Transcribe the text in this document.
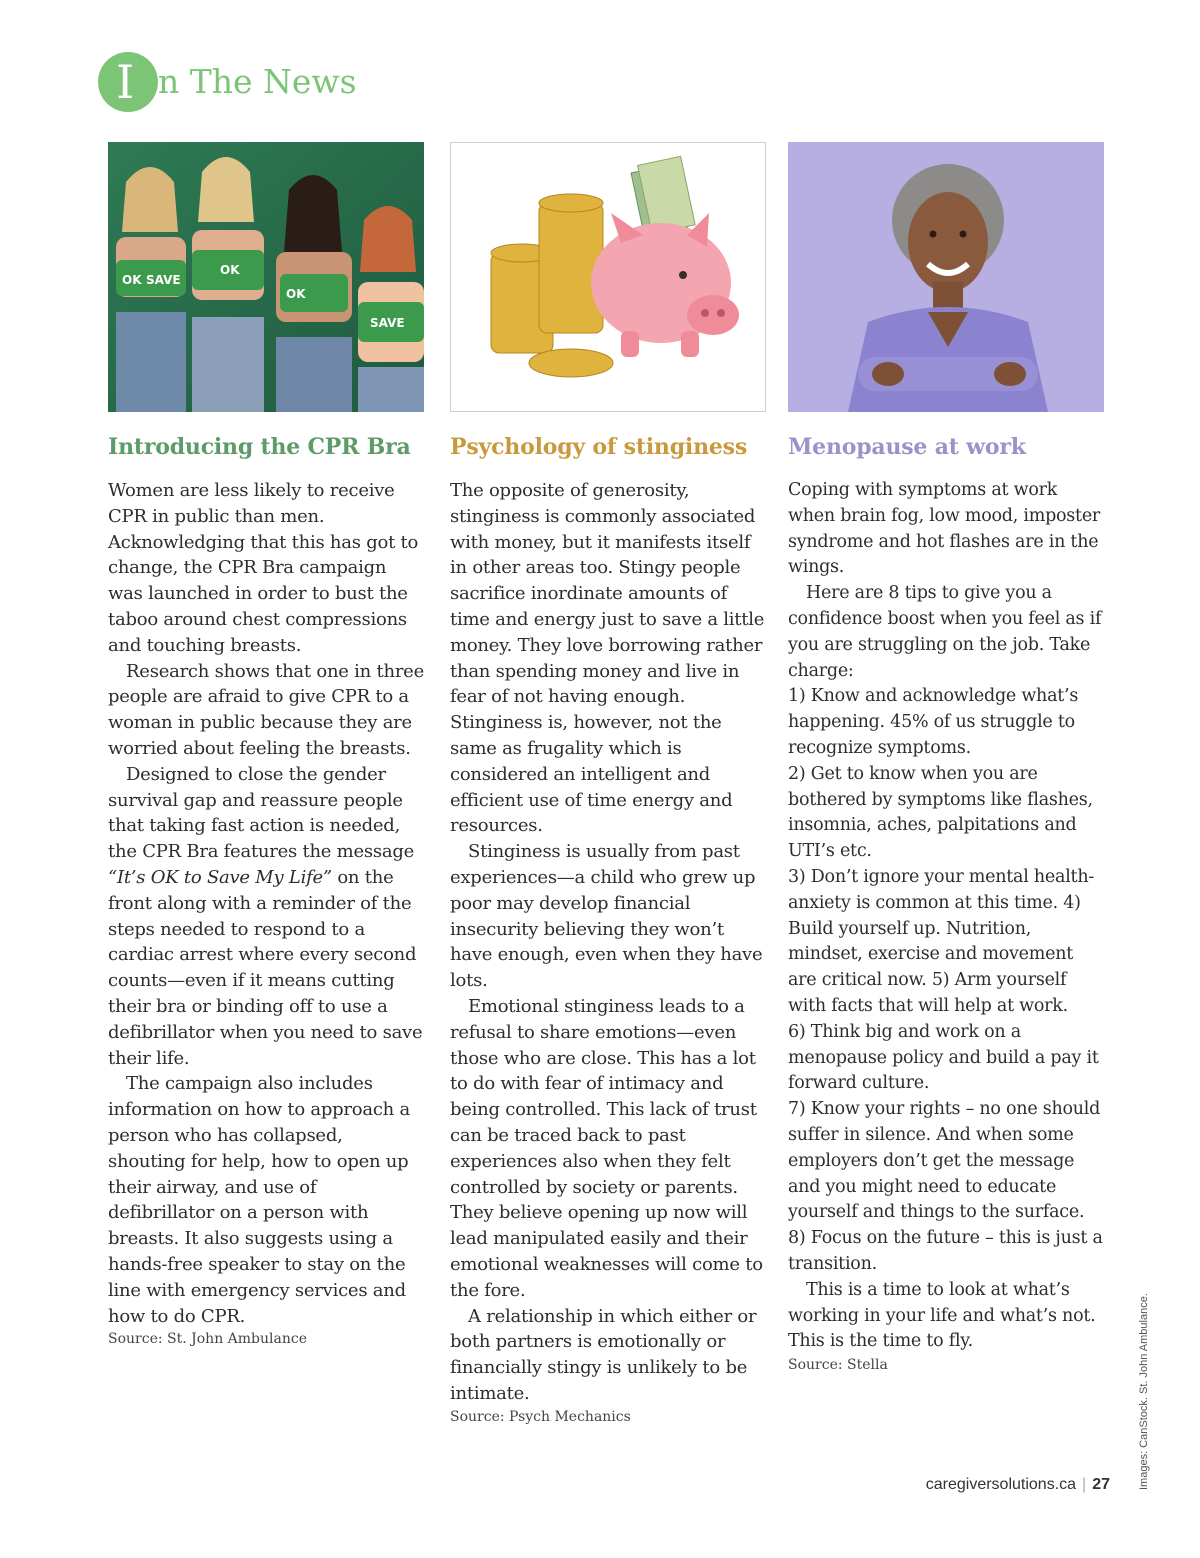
I n The News
OK SAVE
OK
OK
SAVE
Introducing the CPR Bra

Women are less likely to receive CPR in public than men. Acknowledging that this has got to change, the CPR Bra campaign was launched in order to bust the taboo around chest compressions and touching breasts.

Research shows that one in three people are afraid to give CPR to a woman in public because they are worried about feeling the breasts.

Designed to close the gender survival gap and reassure people that taking fast action is needed, the CPR Bra features the message “It’s OK to Save My Life” on the front along with a reminder of the steps needed to respond to a cardiac arrest where every second counts—even if it means cutting their bra or binding off to use a defibrillator when you need to save their life.

The campaign also includes information on how to approach a person who has collapsed, shouting for help, how to open up their airway, and use of defibrillator on a person with breasts. It also suggests using a hands-free speaker to stay on the line with emergency services and how to do CPR.

Source: St. John Ambulance
Psychology of stinginess

The opposite of generosity, stinginess is commonly associated with money, but it manifests itself in other areas too. Stingy people sacrifice inordinate amounts of time and energy just to save a little money. They love borrowing rather than spending money and live in fear of not having enough. Stinginess is, however, not the same as frugality which is considered an intelligent and efficient use of time energy and resources.

Stinginess is usually from past experiences—a child who grew up poor may develop financial insecurity believing they won’t have enough, even when they have lots.

Emotional stinginess leads to a refusal to share emotions—even those who are close. This has a lot to do with fear of intimacy and being controlled. This lack of trust can be traced back to past experiences also when they felt controlled by society or parents. They believe opening up now will lead manipulated easily and their emotional weaknesses will come to the fore.

A relationship in which either or both partners is emotionally or financially stingy is unlikely to be intimate.

Source: Psych Mechanics
Menopause at work

Coping with symptoms at work when brain fog, low mood, imposter syndrome and hot flashes are in the wings.

Here are 8 tips to give you a confidence boost when you feel as if you are struggling on the job. Take charge:

1) Know and acknowledge what’s happening. 45% of us struggle to recognize symptoms.

2) Get to know when you are bothered by symptoms like flashes, insomnia, aches, palpitations and UTI’s etc.

3) Don’t ignore your mental health- anxiety is common at this time. 4) Build yourself up. Nutrition, mindset, exercise and movement are critical now. 5) Arm yourself with facts that will help at work.

6) Think big and work on a menopause policy and build a pay it forward culture.

7) Know your rights – no one should suffer in silence. And when some employers don’t get the message and you might need to educate yourself and things to the surface.

8) Focus on the future – this is just a transition.

This is a time to look at what’s working in your life and what’s not. This is the time to fly.

Source: Stella
caregiversolutions.ca | 27	Images: CanStock. St. John Ambulance.
